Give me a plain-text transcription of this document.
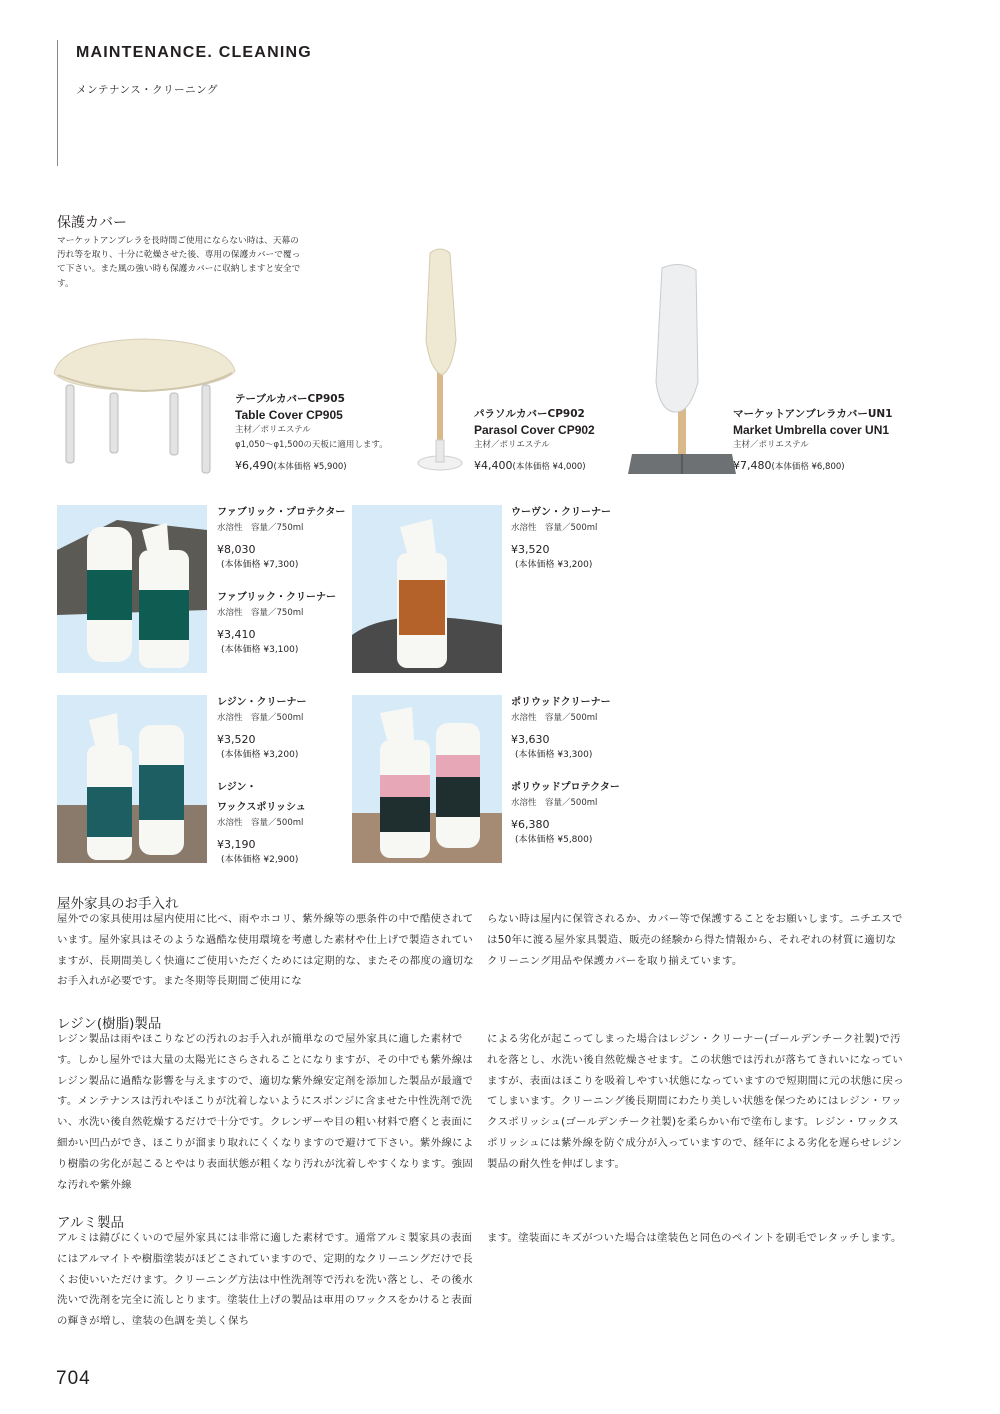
MAINTENANCE. CLEANING
メンテナンス・クリーニング
保護カバー
マーケットアンブレラを長時間ご使用にならない時は、天幕の汚れ等を取り、十分に乾燥させた後、専用の保護カバーで覆って下さい。また風の強い時も保護カバーに収納しますと安全です。
テーブルカバーCP905
Table Cover CP905
主材／ポリエステル
φ1,050〜φ1,500の天板に適用します。
¥6,490(本体価格 ¥5,900)
パラソルカバーCP902
Parasol Cover CP902
主材／ポリエステル
¥4,400(本体価格 ¥4,000)
マーケットアンブレラカバーUN1
Market Umbrella cover UN1
主材／ポリエステル
¥7,480(本体価格 ¥6,800)
ファブリック・プロテクター
水溶性　容量／750ml
¥8,030
(本体価格 ¥7,300)
ファブリック・クリーナー
水溶性　容量／750ml
¥3,410
(本体価格 ¥3,100)
ウーヴン・クリーナー
水溶性　容量／500ml
¥3,520
(本体価格 ¥3,200)
レジン・クリーナー
水溶性　容量／500ml
¥3,520
(本体価格 ¥3,200)
レジン・
ワックスポリッシュ
水溶性　容量／500ml
¥3,190
(本体価格 ¥2,900)
ポリウッドクリーナー
水溶性　容量／500ml
¥3,630
(本体価格 ¥3,300)
ポリウッドプロテクター
水溶性　容量／500ml
¥6,380
(本体価格 ¥5,800)
屋外家具のお手入れ
屋外での家具使用は屋内使用に比べ、雨やホコリ、紫外線等の悪条件の中で酷使されています。屋外家具はそのような過酷な使用環境を考慮した素材や仕上げで製造されていますが、長期間美しく快適にご使用いただくためには定期的な、またその都度の適切なお手入れが必要です。また冬期等長期間ご使用にな
らない時は屋内に保管されるか、カバー等で保護することをお願いします。ニチエスでは50年に渡る屋外家具製造、販売の経験から得た情報から、それぞれの材質に適切なクリーニング用品や保護カバーを取り揃えています。
レジン(樹脂)製品
レジン製品は雨やほこりなどの汚れのお手入れが簡単なので屋外家具に適した素材です。しかし屋外では大量の太陽光にさらされることになりますが、その中でも紫外線はレジン製品に過酷な影響を与えますので、適切な紫外線安定剤を添加した製品が最適です。メンテナンスは汚れやほこりが沈着しないようにスポンジに含ませた中性洗剤で洗い、水洗い後自然乾燥するだけで十分です。クレンザーや目の粗い材料で磨くと表面に細かい凹凸ができ、ほこりが溜まり取れにくくなりますので避けて下さい。紫外線により樹脂の劣化が起こるとやはり表面状態が粗くなり汚れが沈着しやすくなります。強固な汚れや紫外線
による劣化が起こってしまった場合はレジン・クリーナー(ゴールデンチーク社製)で汚れを落とし、水洗い後自然乾燥させます。この状態では汚れが落ちてきれいになっていますが、表面はほこりを吸着しやすい状態になっていますので短期間に元の状態に戻ってしまいます。クリーニング後長期間にわたり美しい状態を保つためにはレジン・ワックスポリッシュ(ゴールデンチーク社製)を柔らかい布で塗布します。レジン・ワックスポリッシュには紫外線を防ぐ成分が入っていますので、経年による劣化を遅らせレジン製品の耐久性を伸ばします。
アルミ製品
アルミは錆びにくいので屋外家具には非常に適した素材です。通常アルミ製家具の表面にはアルマイトや樹脂塗装がほどこされていますので、定期的なクリーニングだけで長くお使いいただけます。クリーニング方法は中性洗剤等で汚れを洗い落とし、その後水洗いで洗剤を完全に流しとります。塗装仕上げの製品は車用のワックスをかけると表面の輝きが増し、塗装の色調を美しく保ち
ます。塗装面にキズがついた場合は塗装色と同色のペイントを刷毛でレタッチします。
704
